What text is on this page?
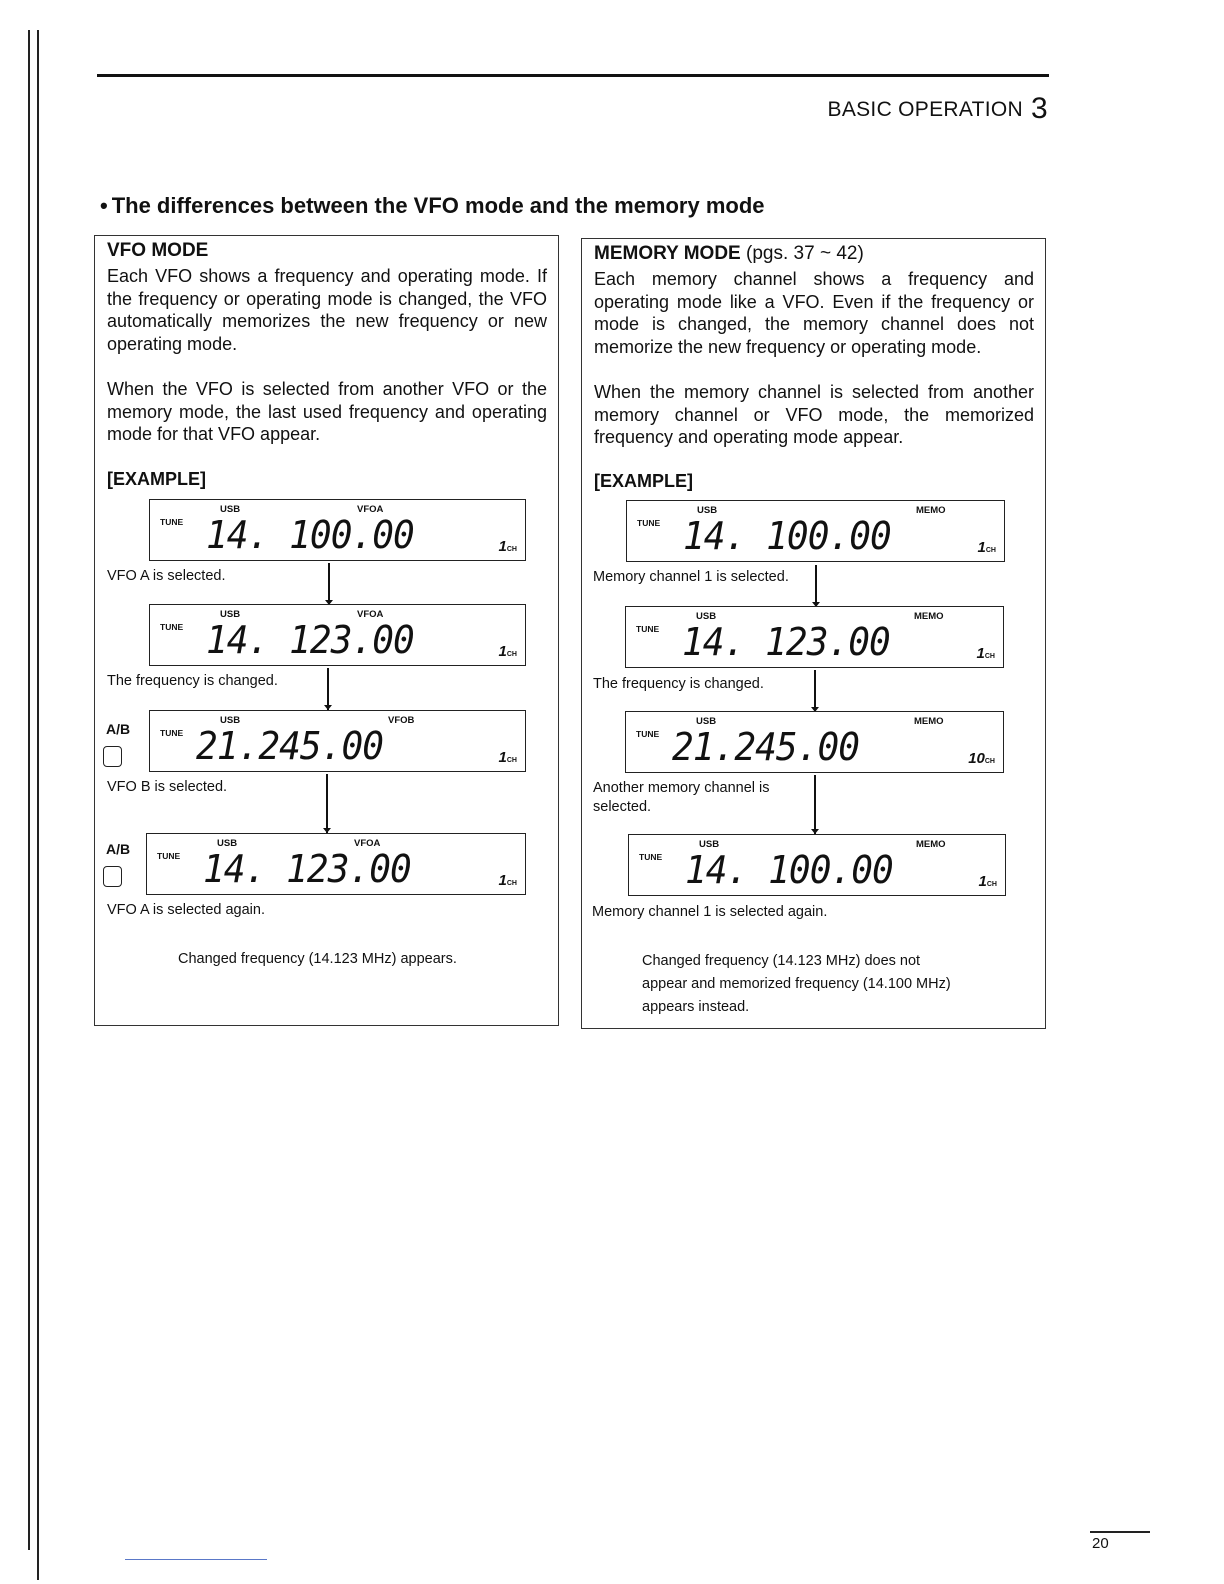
BASIC OPERATION 3
• The differences between the VFO mode and the memory mode
VFO MODE

Each VFO shows a frequency and operating mode. If the frequency or operating mode is changed, the VFO automatically memorizes the new frequency or new operating mode.

When the VFO is selected from another VFO or the memory mode, the last used frequency and operating mode for that VFO appear.

[EXAMPLE]
TUNE
USB	VFOA
14. 100.00	1CH
VFO A is selected.
TUNE
USB	VFOA
14. 123.00	1CH
The frequency is changed.
A/B	TUNE
USB	VFOB
21.245.00	1CH
VFO B is selected.
A/B	TUNE
USB	VFOA
14. 123.00	1CH
VFO A is selected again.
Changed frequency (14.123 MHz) appears.
MEMORY MODE (pgs. 37 ~ 42)

Each memory channel shows a frequency and operating mode like a VFO. Even if the frequency or mode is changed, the memory channel does not memorize the new frequency or operating mode.

When the memory channel is selected from another memory channel or VFO mode, the memorized frequency and operating mode appear.

[EXAMPLE]
TUNE
USB	MEMO
14. 100.00	1CH
Memory channel 1 is selected.
TUNE
USB	MEMO
14. 123.00	1CH
The frequency is changed.
TUNE
USB	MEMO
21.245.00	10CH
Another memory channel is
selected.
TUNE
USB	MEMO
14. 100.00	1CH
Memory channel 1 is selected again.
Changed frequency (14.123 MHz) does not
appear and memorized frequency (14.100 MHz)
appears instead.
20
